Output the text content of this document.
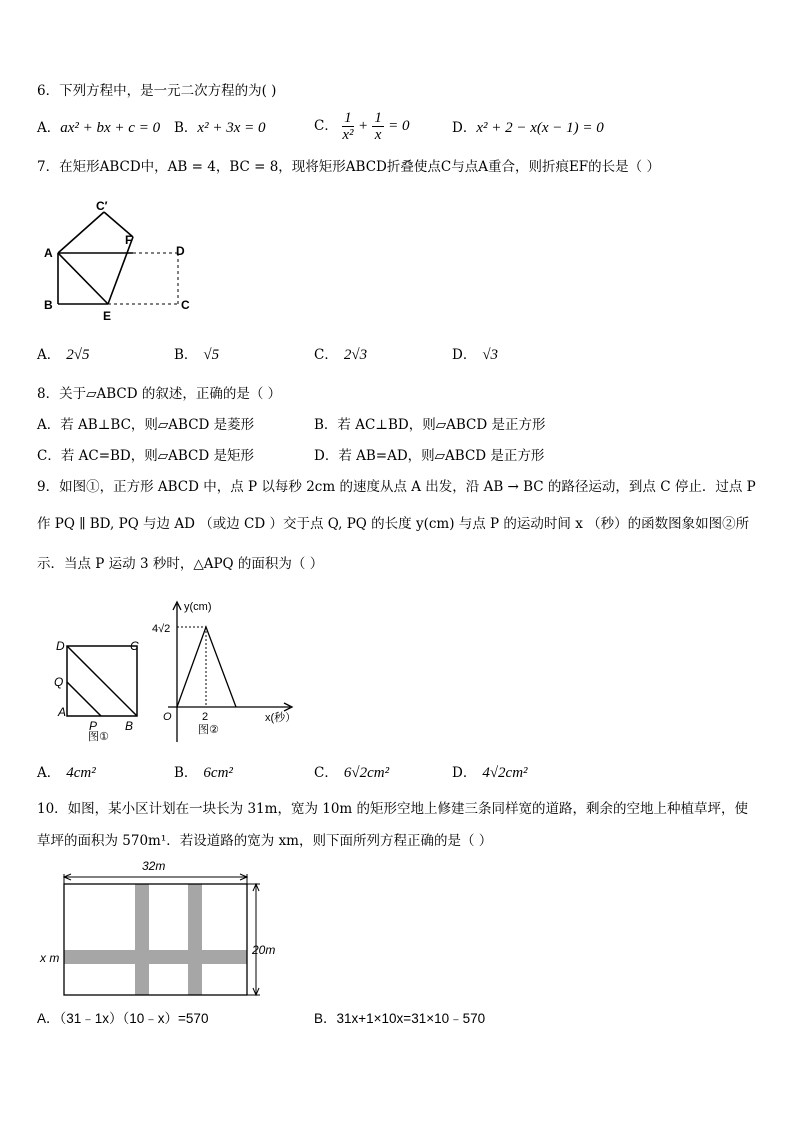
6．下列方程中，是一元二次方程的为( )
A．ax² + bx + c = 0 B．x² + 3x = 0	C． $\frac{1}{\text{x²}} + \frac{1}{x} = 0$	D．x² + 2 − x(x − 1) = 0
7．在矩形ABCD中，AB = 4，BC = 8，现将矩形ABCD折叠使点C与点A重合，则折痕EF的长是（ ）
A
B
E
C
D
F
C′
A． 2√5	B． √5	C． 2√3	D． √3
8．关于▱ABCD 的叙述，正确的是（ ）
A．若 AB⊥BC，则▱ABCD 是菱形	B．若 AC⊥BD，则▱ABCD 是正方形
C．若 AC=BD，则▱ABCD 是矩形	D．若 AB=AD，则▱ABCD 是正方形
9．如图①，正方形 ABCD 中，点 P 以每秒 2cm 的速度从点 A 出发，沿 AB → BC 的路径运动，到点 C 停止．过点 P
作 PQ ∥ BD, PQ 与边 AD （或边 CD ）交于点 Q, PQ 的长度 y(cm) 与点 P 的运动时间 x （秒）的函数图象如图②所
示．当点 P 运动 3 秒时，△APQ 的面积为（ ）
D	C
Q
A
P B
图①
y(cm)
4√2
O	2	x(秒）
图②
A． 4cm²	B． 6cm²	C． 6√2cm²	D． 4√2cm²
10．如图，某小区计划在一块长为 31m，宽为 10m 的矩形空地上修建三条同样宽的道路，剩余的空地上种植草坪，使
草坪的面积为 570m¹．若设道路的宽为 xm，则下面所列方程正确的是（ ）
32m
20m
x m
A．（31﹣1x）（10﹣x）=570	B．31x+1×10x=31×10﹣570
